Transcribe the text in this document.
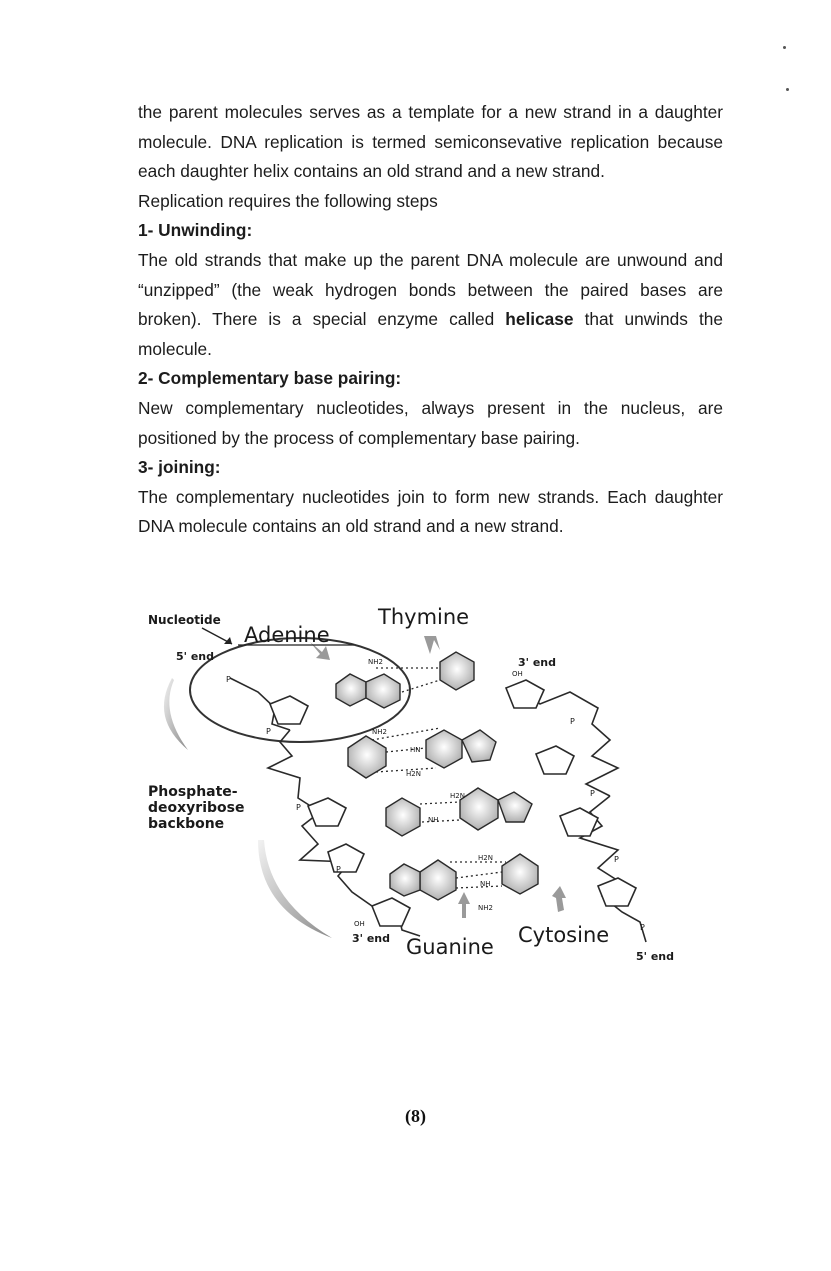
the parent molecules serves as a template for a new strand in a daughter molecule. DNA replication is termed semiconsevative replication because each daughter helix contains an old strand and a new strand.

Replication requires the following steps

1- Unwinding:

The old strands that make up the parent DNA molecule are unwound and “unzipped” (the weak hydrogen bonds between the paired bases are broken). There is a special enzyme called helicase that unwinds the molecule.

2- Complementary base pairing:

New complementary nucleotides, always present in the nucleus, are positioned by the process of complementary base pairing.

3- joining:

The complementary nucleotides join to form new strands. Each daughter DNA molecule contains an old strand and a new strand.

P
P
P
P
P
P
P
P
NH2
OH
NH2
HN
H2N
H2N
NH
H2N
NH
NH2
OH
Nucleotide
Adenine
Thymine
5' end	3' end
Phosphate-
deoxyribose
backbone
3' end Guanine Cytosine
5' end
(8)
